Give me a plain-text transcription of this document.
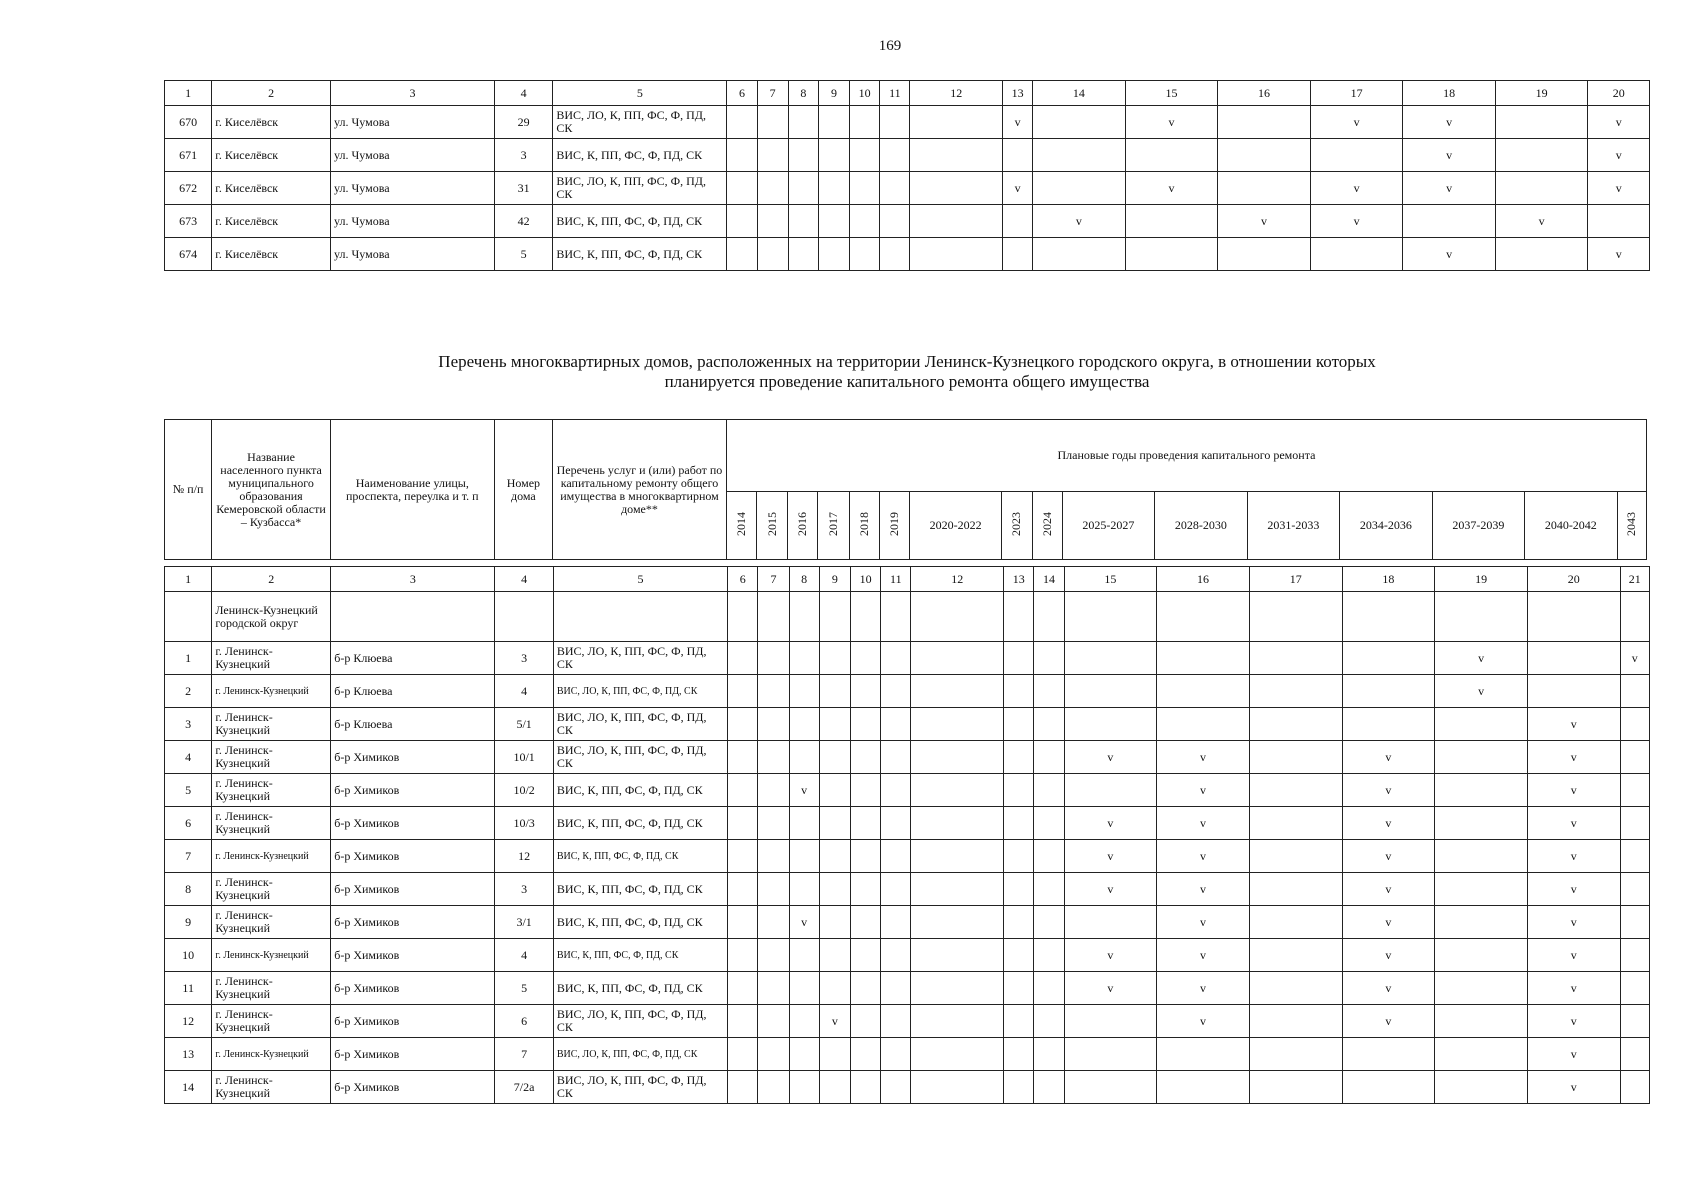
169
1	2	3	4	5	6	7	8	9	10	11	12	13	14	15	16	17	18	19	20
670	г. Киселёвск	ул. Чумова	29	ВИС, ЛО, К, ПП, ФС, Ф, ПД, СК								v		v		v	v		v
671	г. Киселёвск	ул. Чумова	3	ВИС, К, ПП, ФС, Ф, ПД, СК													v		v
672	г. Киселёвск	ул. Чумова	31	ВИС, ЛО, К, ПП, ФС, Ф, ПД, СК								v		v		v	v		v
673	г. Киселёвск	ул. Чумова	42	ВИС, К, ПП, ФС, Ф, ПД, СК									v		v	v		v	
674	г. Киселёвск	ул. Чумова	5	ВИС, К, ПП, ФС, Ф, ПД, СК													v		v
Перечень многоквартирных домов, расположенных на территории Ленинск-Кузнецкого городского округа, в отношении которых
планируется проведение капитального ремонта общего имущества
№ п/п	Название населенного пункта муниципального образования Кемеровской области – Кузбасса*	Наименование улицы, проспекта, переулка и т. п	Номер дома	Перечень услуг и (или) работ по капитальному ремонту общего имущества в многоквартирном доме**	Плановые годы проведения капитального ремонта															
					2014	2015	2016	2017	2018	2019	2020-2022	2023	2024	2025-2027	2028-2030	2031-2033	2034-2036	2037-2039	2040-2042	2043
1	2	3	4	5	6	7	8	9	10	11	12	13	14	15	16	17	18	19	20	21
	Ленинск-Кузнецкий городской округ																			
1	г. Ленинск-Кузнецкий	б-р Клюева	3	ВИС, ЛО, К, ПП, ФС, Ф, ПД, СК														v		v
2	г. Ленинск-Кузнецкий	б-р Клюева	4	ВИС, ЛО, К, ПП, ФС, Ф, ПД, СК														v		
3	г. Ленинск-Кузнецкий	б-р Клюева	5/1	ВИС, ЛО, К, ПП, ФС, Ф, ПД, СК															v	
4	г. Ленинск-Кузнецкий	б-р Химиков	10/1	ВИС, ЛО, К, ПП, ФС, Ф, ПД, СК										v	v		v		v	
5	г. Ленинск-Кузнецкий	б-р Химиков	10/2	ВИС, К, ПП, ФС, Ф, ПД, СК			v								v		v		v	
6	г. Ленинск-Кузнецкий	б-р Химиков	10/3	ВИС, К, ПП, ФС, Ф, ПД, СК										v	v		v		v	
7	г. Ленинск-Кузнецкий	б-р Химиков	12	ВИС, К, ПП, ФС, Ф, ПД, СК										v	v		v		v	
8	г. Ленинск-Кузнецкий	б-р Химиков	3	ВИС, К, ПП, ФС, Ф, ПД, СК										v	v		v		v	
9	г. Ленинск-Кузнецкий	б-р Химиков	3/1	ВИС, К, ПП, ФС, Ф, ПД, СК			v								v		v		v	
10	г. Ленинск-Кузнецкий	б-р Химиков	4	ВИС, К, ПП, ФС, Ф, ПД, СК										v	v		v		v	
11	г. Ленинск-Кузнецкий	б-р Химиков	5	ВИС, К, ПП, ФС, Ф, ПД, СК										v	v		v		v	
12	г. Ленинск-Кузнецкий	б-р Химиков	6	ВИС, ЛО, К, ПП, ФС, Ф, ПД, СК				v							v		v		v	
13	г. Ленинск-Кузнецкий	б-р Химиков	7	ВИС, ЛО, К, ПП, ФС, Ф, ПД, СК															v	
14	г. Ленинск-Кузнецкий	б-р Химиков	7/2а	ВИС, ЛО, К, ПП, ФС, Ф, ПД, СК															v	
